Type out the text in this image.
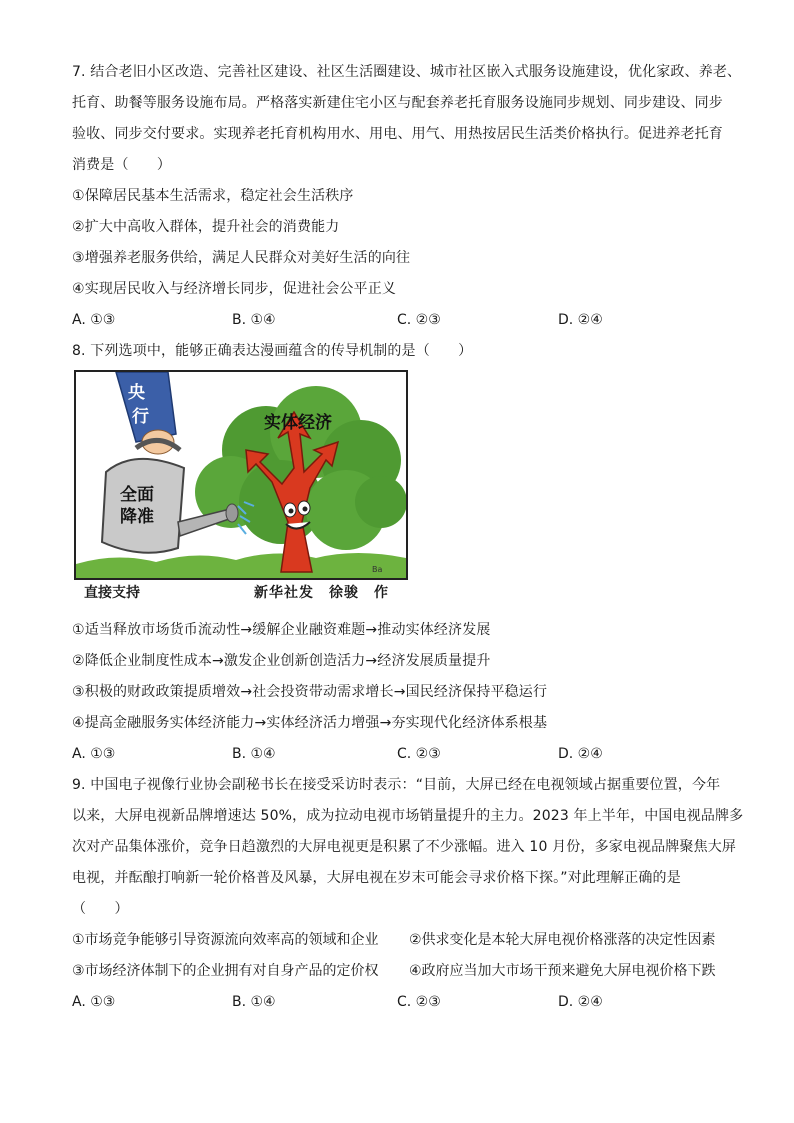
7. 结合老旧小区改造、完善社区建设、社区生活圈建设、城市社区嵌入式服务设施建设，优化家政、养老、
托育、助餐等服务设施布局。严格落实新建住宅小区与配套养老托育服务设施同步规划、同步建设、同步
验收、同步交付要求。实现养老托育机构用水、用电、用气、用热按居民生活类价格执行。促进养老托育
消费是（　　）
①保障居民基本生活需求，稳定社会生活秩序
②扩大中高收入群体，提升社会的消费能力
③增强养老服务供给，满足人民群众对美好生活的向往
④实现居民收入与经济增长同步，促进社会公平正义
A. ①③	B. ①④	C. ②③	D. ②④
8. 下列选项中，能够正确表达漫画蕴含的传导机制的是（　　）
实体经济
央
行
全面
降准
Ba
直接支持	新华社发　徐骏　作
①适当释放市场货币流动性→缓解企业融资难题→推动实体经济发展
②降低企业制度性成本→激发企业创新创造活力→经济发展质量提升
③积极的财政政策提质增效→社会投资带动需求增长→国民经济保持平稳运行
④提高金融服务实体经济能力→实体经济活力增强→夯实现代化经济体系根基
A. ①③	B. ①④	C. ②③	D. ②④
9. 中国电子视像行业协会副秘书长在接受采访时表示：“目前，大屏已经在电视领域占据重要位置，今年
以来，大屏电视新品牌增速达 50%，成为拉动电视市场销量提升的主力。2023 年上半年，中国电视品牌多
次对产品集体涨价，竞争日趋激烈的大屏电视更是积累了不少涨幅。进入 10 月份，多家电视品牌聚焦大屏
电视，并酝酿打响新一轮价格普及风暴，大屏电视在岁末可能会寻求价格下探。”对此理解正确的是
（　　）
①市场竞争能够引导资源流向效率高的领域和企业 ②供求变化是本轮大屏电视价格涨落的决定性因素
③市场经济体制下的企业拥有对自身产品的定价权 ④政府应当加大市场干预来避免大屏电视价格下跌
A. ①③	B. ①④	C. ②③	D. ②④
